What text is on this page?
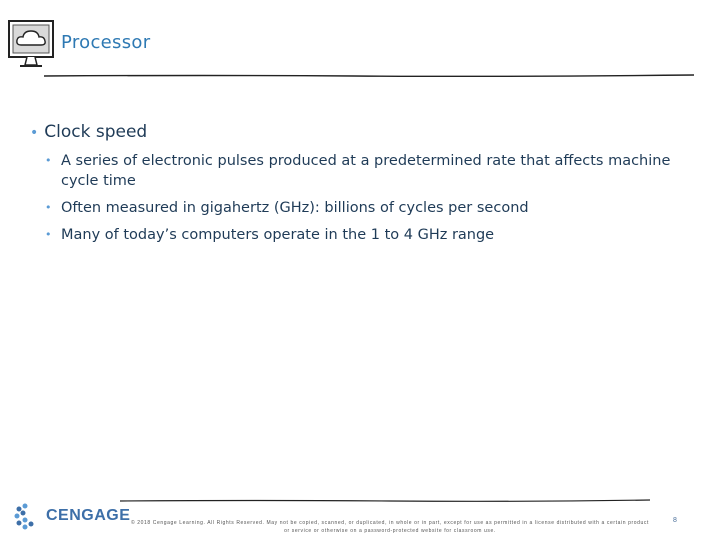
Processor
• Clock speed
• A series of electronic pulses produced at a predetermined rate that affects machine cycle time
• Often measured in gigahertz (GHz): billions of cycles per second
• Many of today’s computers operate in the 1 to 4 GHz range
CENGAGE © 2018 Cengage Learning. All Rights Reserved. May not be copied, scanned, or duplicated, in whole or in part, except for use as permitted in a license distributed with a certain product or service or otherwise on a password-protected website for classroom use.
8
